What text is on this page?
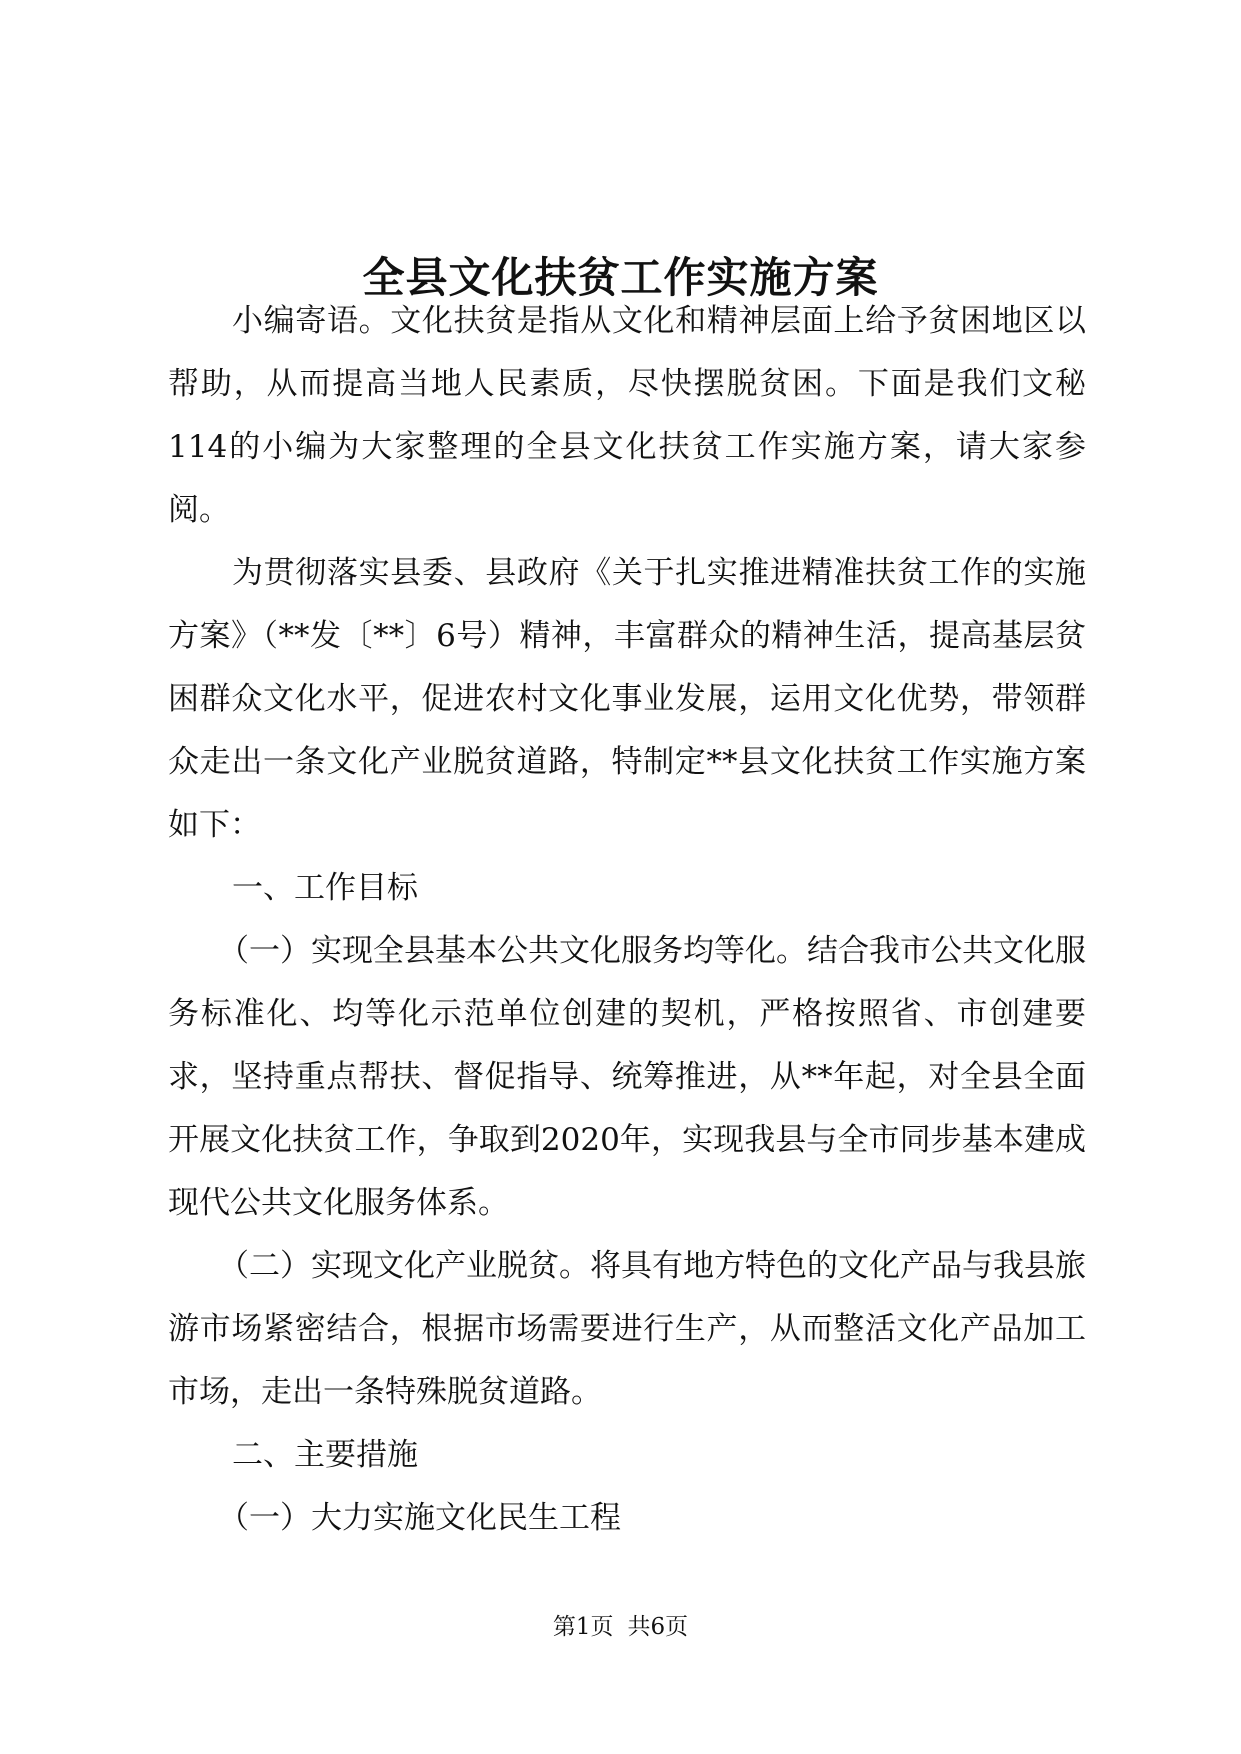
全县文化扶贫工作实施方案

小编寄语。文化扶贫是指从文化和精神层面上给予贫困地区以帮助，从而提高当地人民素质，尽快摆脱贫困。下面是我们文秘114的小编为大家整理的全县文化扶贫工作实施方案，请大家参阅。

为贯彻落实县委、县政府《关于扎实推进精准扶贫工作的实施方案》（**发〔**〕6号）精神，丰富群众的精神生活，提高基层贫困群众文化水平，促进农村文化事业发展，运用文化优势，带领群众走出一条文化产业脱贫道路，特制定**县文化扶贫工作实施方案如下：

一、工作目标

（一）实现全县基本公共文化服务均等化。结合我市公共文化服务标准化、均等化示范单位创建的契机，严格按照省、市创建要求，坚持重点帮扶、督促指导、统筹推进，从**年起，对全县全面开展文化扶贫工作，争取到2020年，实现我县与全市同步基本建成现代公共文化服务体系。

（二）实现文化产业脱贫。将具有地方特色的文化产品与我县旅游市场紧密结合，根据市场需要进行生产，从而整活文化产品加工市场，走出一条特殊脱贫道路。

二、主要措施

（一）大力实施文化民生工程

第1页 共6页
